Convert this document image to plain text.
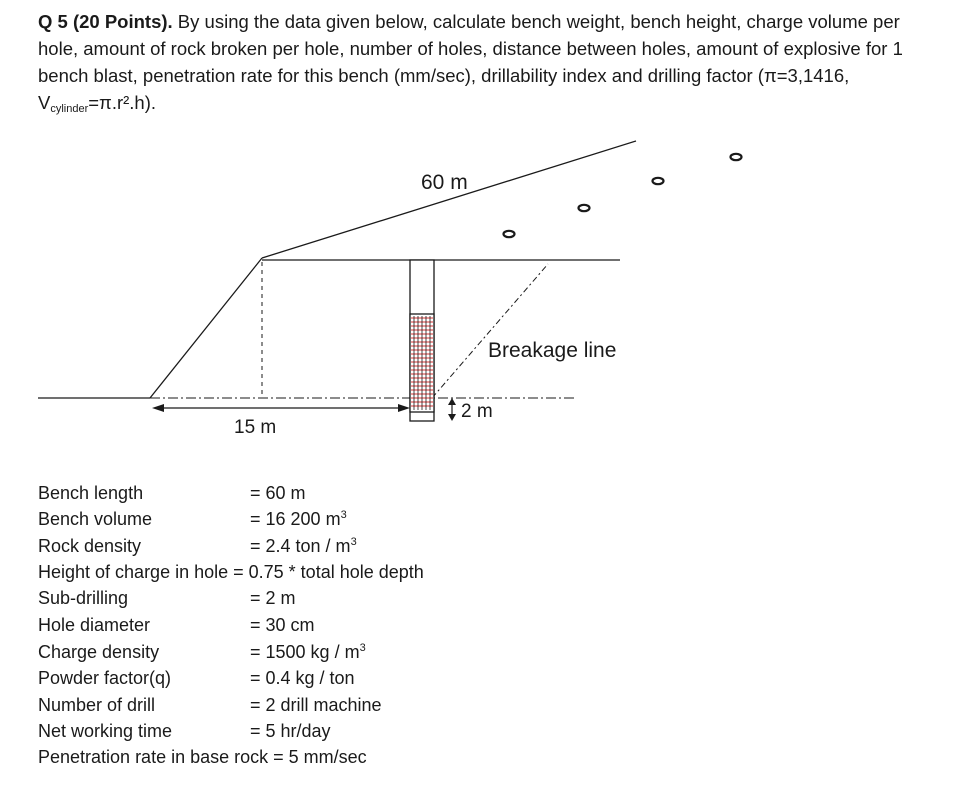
Q 5 (20 Points). By using the data given below, calculate bench weight, bench height, charge volume per hole, amount of rock broken per hole, number of holes, distance between holes, amount of explosive for 1 bench blast, penetration rate for this bench (mm/sec), drillability index and drilling factor (π=3,1416, $V_{cylinder}=\pi.r^2.h$).
15 m
2 m
60 m
Breakage line
Bench length	= 60 m
Bench volume	= 16 200 $m^3$
Rock density	= 2.4 ton / $m^3$
Height of charge in hole = 0.75 * total hole depth
Sub-drilling	= 2 m
Hole diameter	= 30 cm
Charge density	= 1500 kg / $m^3$
Powder factor(q)	= 0.4 kg / ton
Number of drill	= 2 drill machine
Net working time	= 5 hr/day
Penetration rate in base rock = 5 mm/sec
